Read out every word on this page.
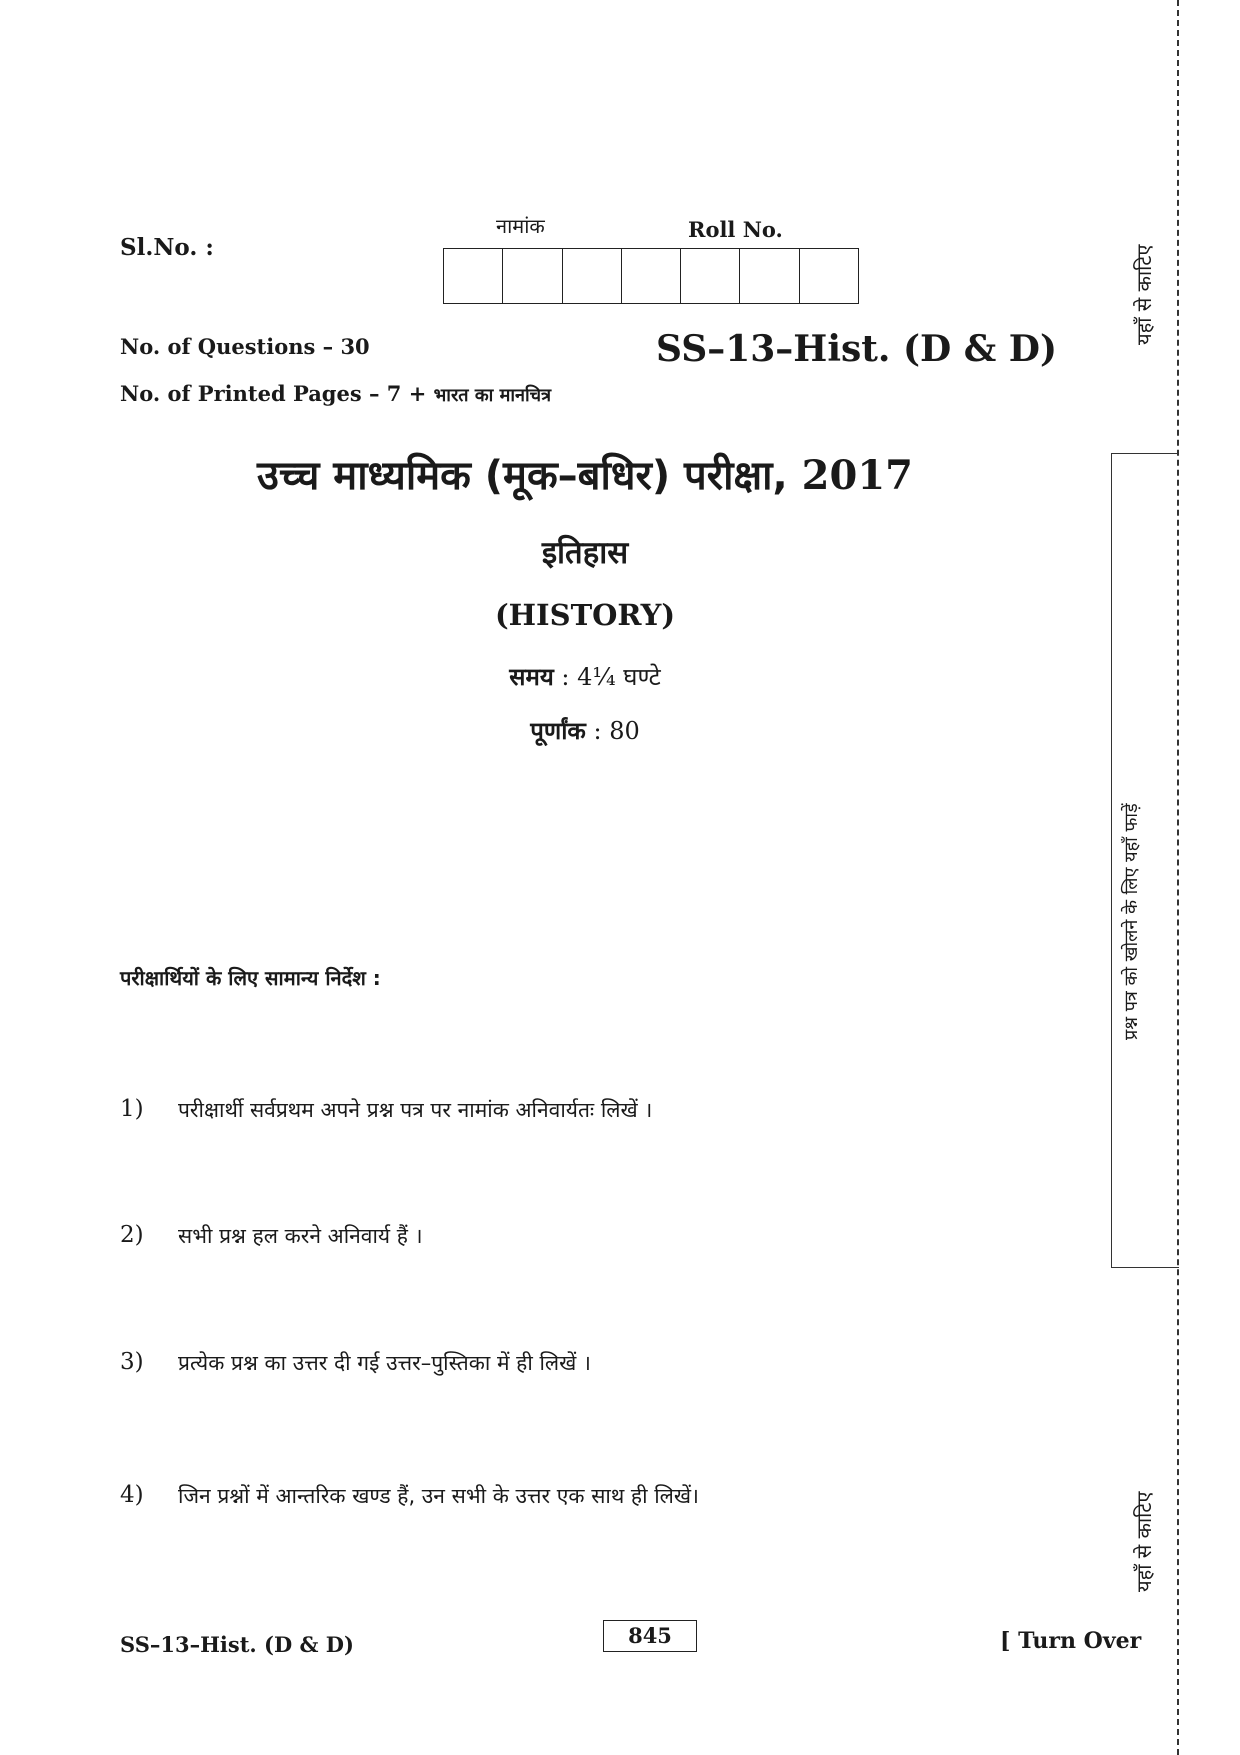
Sl.No. :
नामांक	Roll No.
No. of Questions – 30
No. of Printed Pages – 7 + भारत का मानचित्र
SS–13–Hist. (D & D)
उच्च माध्यमिक (मूक–बधिर) परीक्षा, 2017
इतिहास
(HISTORY)
समय : 4¼ घण्टे
पूर्णांक : 80
परीक्षार्थियों के लिए सामान्य निर्देश :
1)	परीक्षार्थी सर्वप्रथम अपने प्रश्न पत्र पर नामांक अनिवार्यतः लिखें ।
2)	सभी प्रश्न हल करने अनिवार्य हैं ।
3)	प्रत्येक प्रश्न का उत्तर दी गई उत्तर–पुस्तिका में ही लिखें ।
4)	जिन प्रश्नों में आन्तरिक खण्ड हैं, उन सभी के उत्तर एक साथ ही लिखें।
SS–13–Hist. (D & D)	845	[ Turn Over
यहाँ से काटिए
प्रश्न पत्र को खोलने के लिए यहाँ फाड़ें
यहाँ से काटिए
